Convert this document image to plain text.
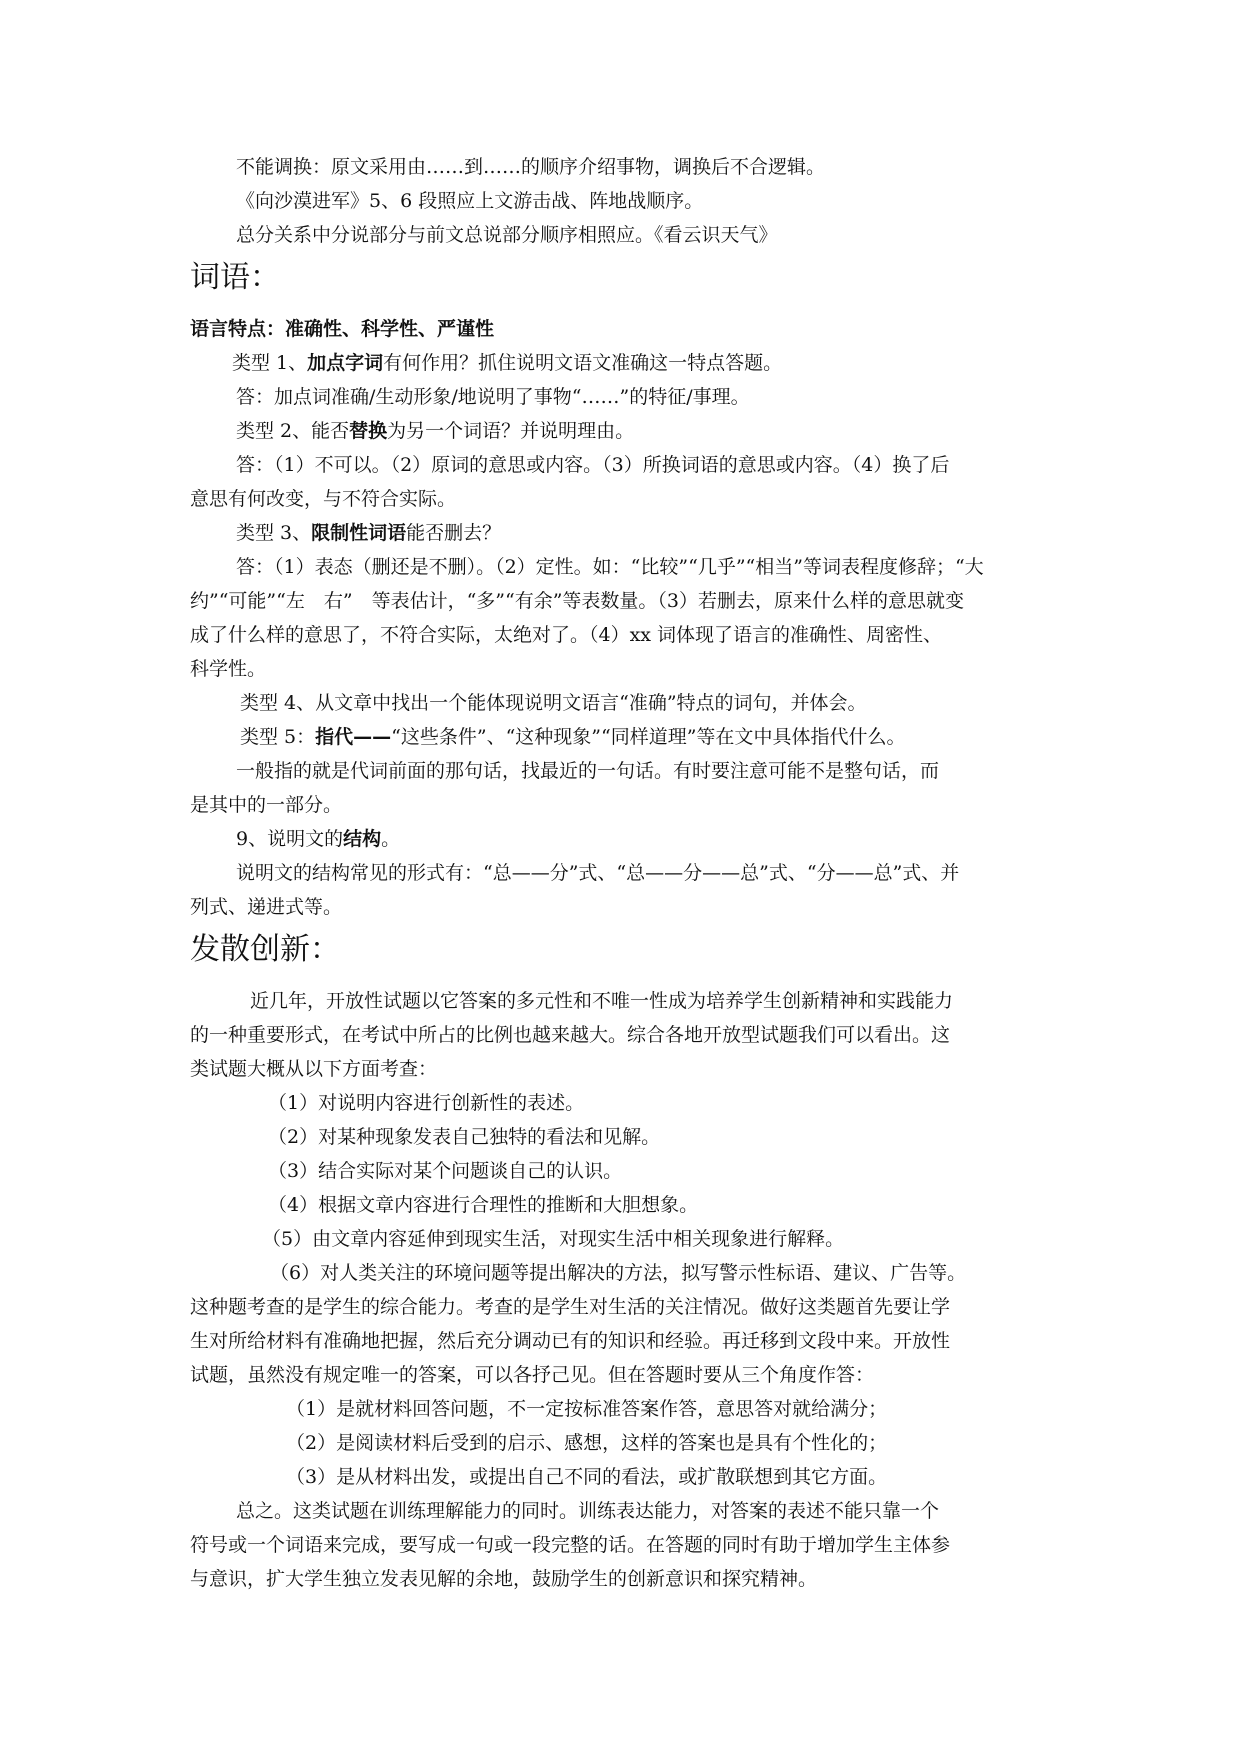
不能调换：原文采用由……到……的顺序介绍事物，调换后不合逻辑。
《向沙漠进军》5、6 段照应上文游击战、阵地战顺序。
总分关系中分说部分与前文总说部分顺序相照应。《看云识天气》
词语：
语言特点：准确性、科学性、严谨性
类型 1、加点字词有何作用？抓住说明文语文准确这一特点答题。
答：加点词准确/生动形象/地说明了事物“……”的特征/事理。
类型 2、能否替换为另一个词语？并说明理由。
答：（1）不可以。（2）原词的意思或内容。（3）所换词语的意思或内容。（4）换了后
意思有何改变，与不符合实际。
类型 3、限制性词语能否删去？
答：（1）表态（删还是不删）。（2）定性。如：“比较”“几乎”“相当”等词表程度修辞；“大
约”“可能”“左　右”　等表估计，“多”“有余”等表数量。（3）若删去，原来什么样的意思就变
成了什么样的意思了，不符合实际，太绝对了。（4）xx 词体现了语言的准确性、周密性、
科学性。
类型 4、从文章中找出一个能体现说明文语言“准确”特点的词句，并体会。
类型 5：指代——“这些条件”、“这种现象”“同样道理”等在文中具体指代什么。
一般指的就是代词前面的那句话，找最近的一句话。有时要注意可能不是整句话，而
是其中的一部分。
9、说明文的结构。
说明文的结构常见的形式有：“总——分”式、“总——分——总”式、“分——总”式、并
列式、递进式等。
发散创新：
近几年，开放性试题以它答案的多元性和不唯一性成为培养学生创新精神和实践能力
的一种重要形式，在考试中所占的比例也越来越大。综合各地开放型试题我们可以看出。这
类试题大概从以下方面考查：
（1）对说明内容进行创新性的表述。
（2）对某种现象发表自己独特的看法和见解。
（3）结合实际对某个问题谈自己的认识。
（4）根据文章内容进行合理性的推断和大胆想象。
（5）由文章内容延伸到现实生活，对现实生活中相关现象进行解释。
（6）对人类关注的环境问题等提出解决的方法，拟写警示性标语、建议、广告等。
这种题考查的是学生的综合能力。考查的是学生对生活的关注情况。做好这类题首先要让学
生对所给材料有准确地把握，然后充分调动已有的知识和经验。再迁移到文段中来。开放性
试题，虽然没有规定唯一的答案，可以各抒己见。但在答题时要从三个角度作答：
（1）是就材料回答问题，不一定按标准答案作答，意思答对就给满分；
（2）是阅读材料后受到的启示、感想，这样的答案也是具有个性化的；
（3）是从材料出发，或提出自己不同的看法，或扩散联想到其它方面。
总之。这类试题在训练理解能力的同时。训练表达能力，对答案的表述不能只靠一个
符号或一个词语来完成，要写成一句或一段完整的话。在答题的同时有助于增加学生主体参
与意识，扩大学生独立发表见解的余地，鼓励学生的创新意识和探究精神。
